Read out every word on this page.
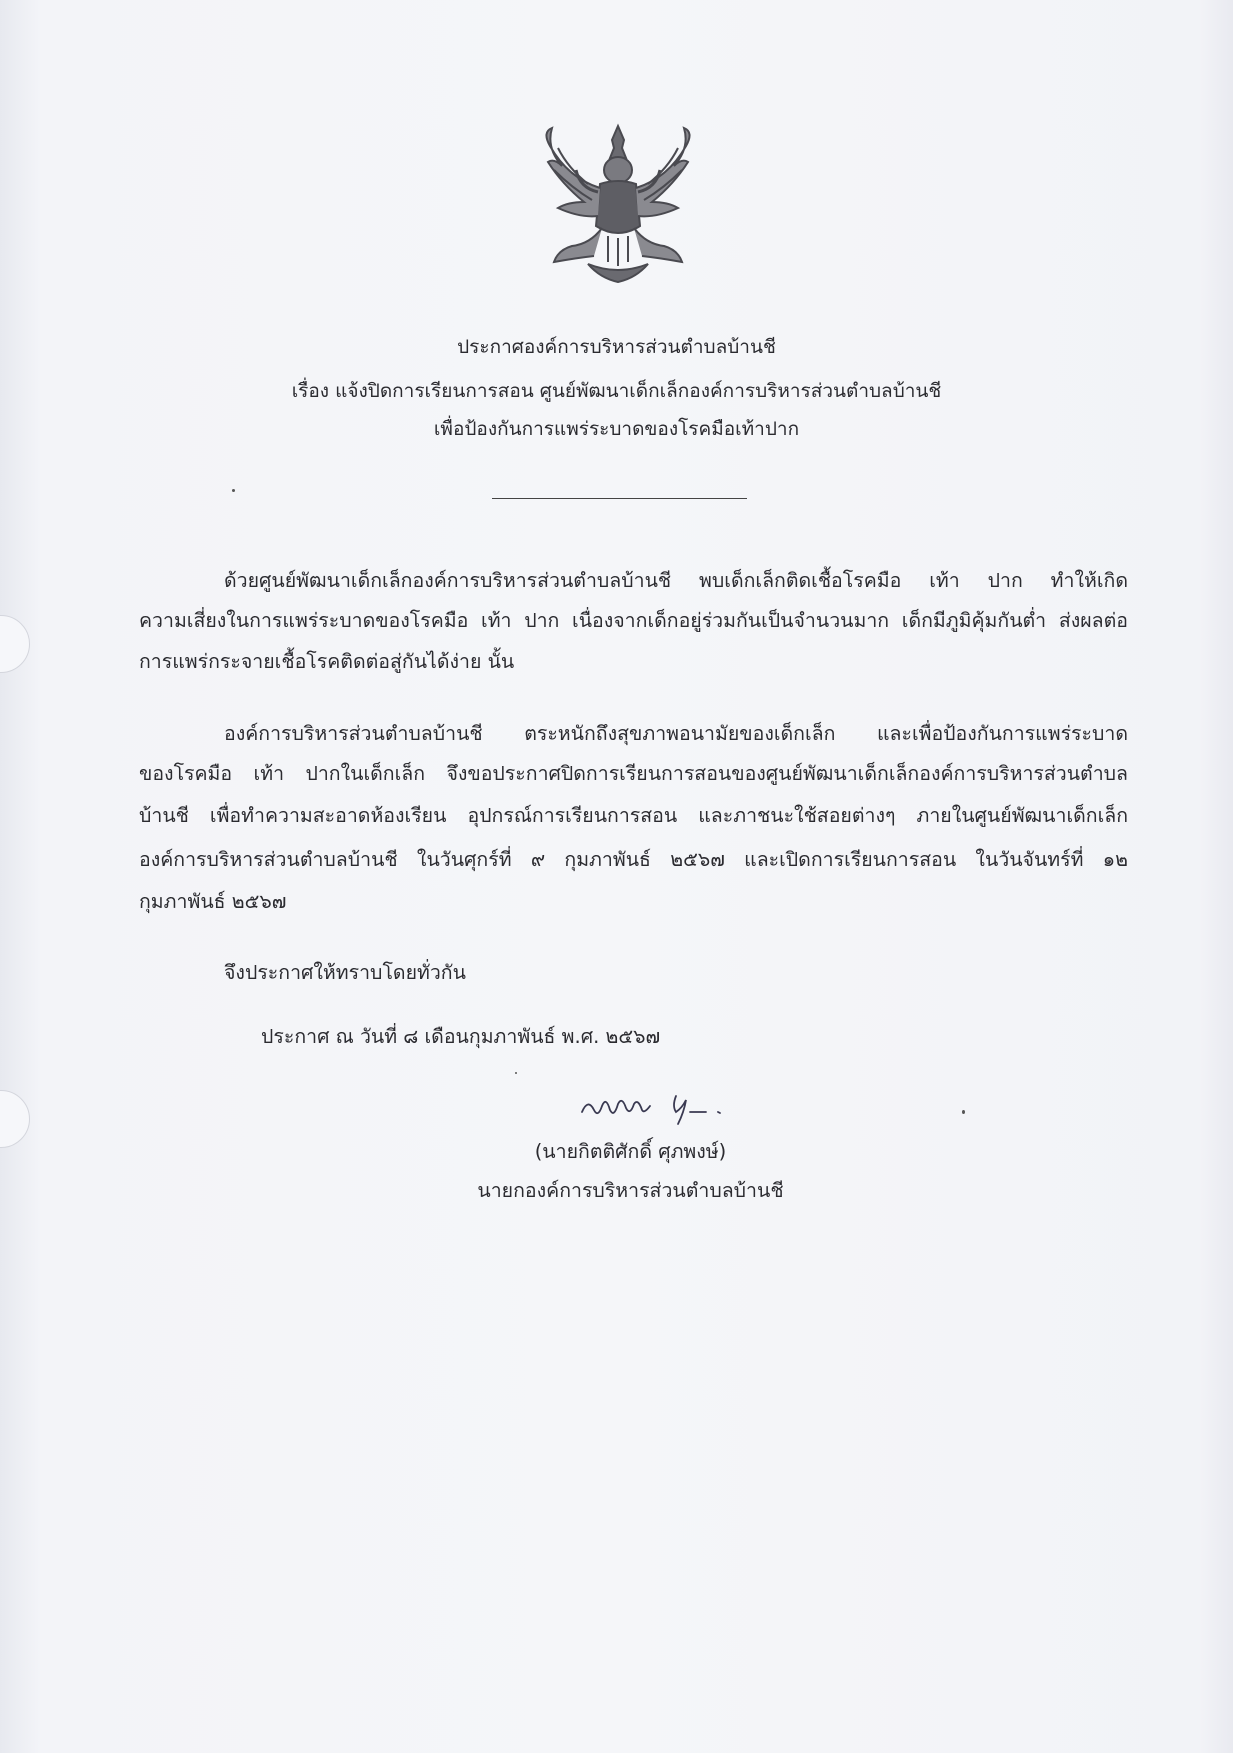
ประกาศองค์การบริหารส่วนตำบลบ้านชี
เรื่อง แจ้งปิดการเรียนการสอน ศูนย์พัฒนาเด็กเล็กองค์การบริหารส่วนตำบลบ้านชี
เพื่อป้องกันการแพร่ระบาดของโรคมือเท้าปาก
ด้วยศูนย์พัฒนาเด็กเล็กองค์การบริหารส่วนตำบลบ้านชี พบเด็กเล็กติดเชื้อโรคมือ เท้า ปาก ทำให้เกิด
ความเสี่ยงในการแพร่ระบาดของโรคมือ เท้า ปาก เนื่องจากเด็กอยู่ร่วมกันเป็นจำนวนมาก เด็กมีภูมิคุ้มกันต่ำ ส่งผลต่อ
การแพร่กระจายเชื้อโรคติดต่อสู่กันได้ง่าย นั้น
องค์การบริหารส่วนตำบลบ้านชี ตระหนักถึงสุขภาพอนามัยของเด็กเล็ก และเพื่อป้องกันการแพร่ระบาด
ของโรคมือ เท้า ปากในเด็กเล็ก จึงขอประกาศปิดการเรียนการสอนของศูนย์พัฒนาเด็กเล็กองค์การบริหารส่วนตำบล
บ้านชี เพื่อทำความสะอาดห้องเรียน อุปกรณ์การเรียนการสอน และภาชนะใช้สอยต่างๆ ภายในศูนย์พัฒนาเด็กเล็ก
องค์การบริหารส่วนตำบลบ้านชี ในวันศุกร์ที่ ๙ กุมภาพันธ์ ๒๕๖๗ และเปิดการเรียนการสอน ในวันจันทร์ที่ ๑๒
กุมภาพันธ์ ๒๕๖๗
จึงประกาศให้ทราบโดยทั่วกัน
ประกาศ ณ วันที่ ๘ เดือนกุมภาพันธ์ พ.ศ. ๒๕๖๗
(นายกิตติศักดิ์ ศุภพงษ์)
นายกองค์การบริหารส่วนตำบลบ้านชี
